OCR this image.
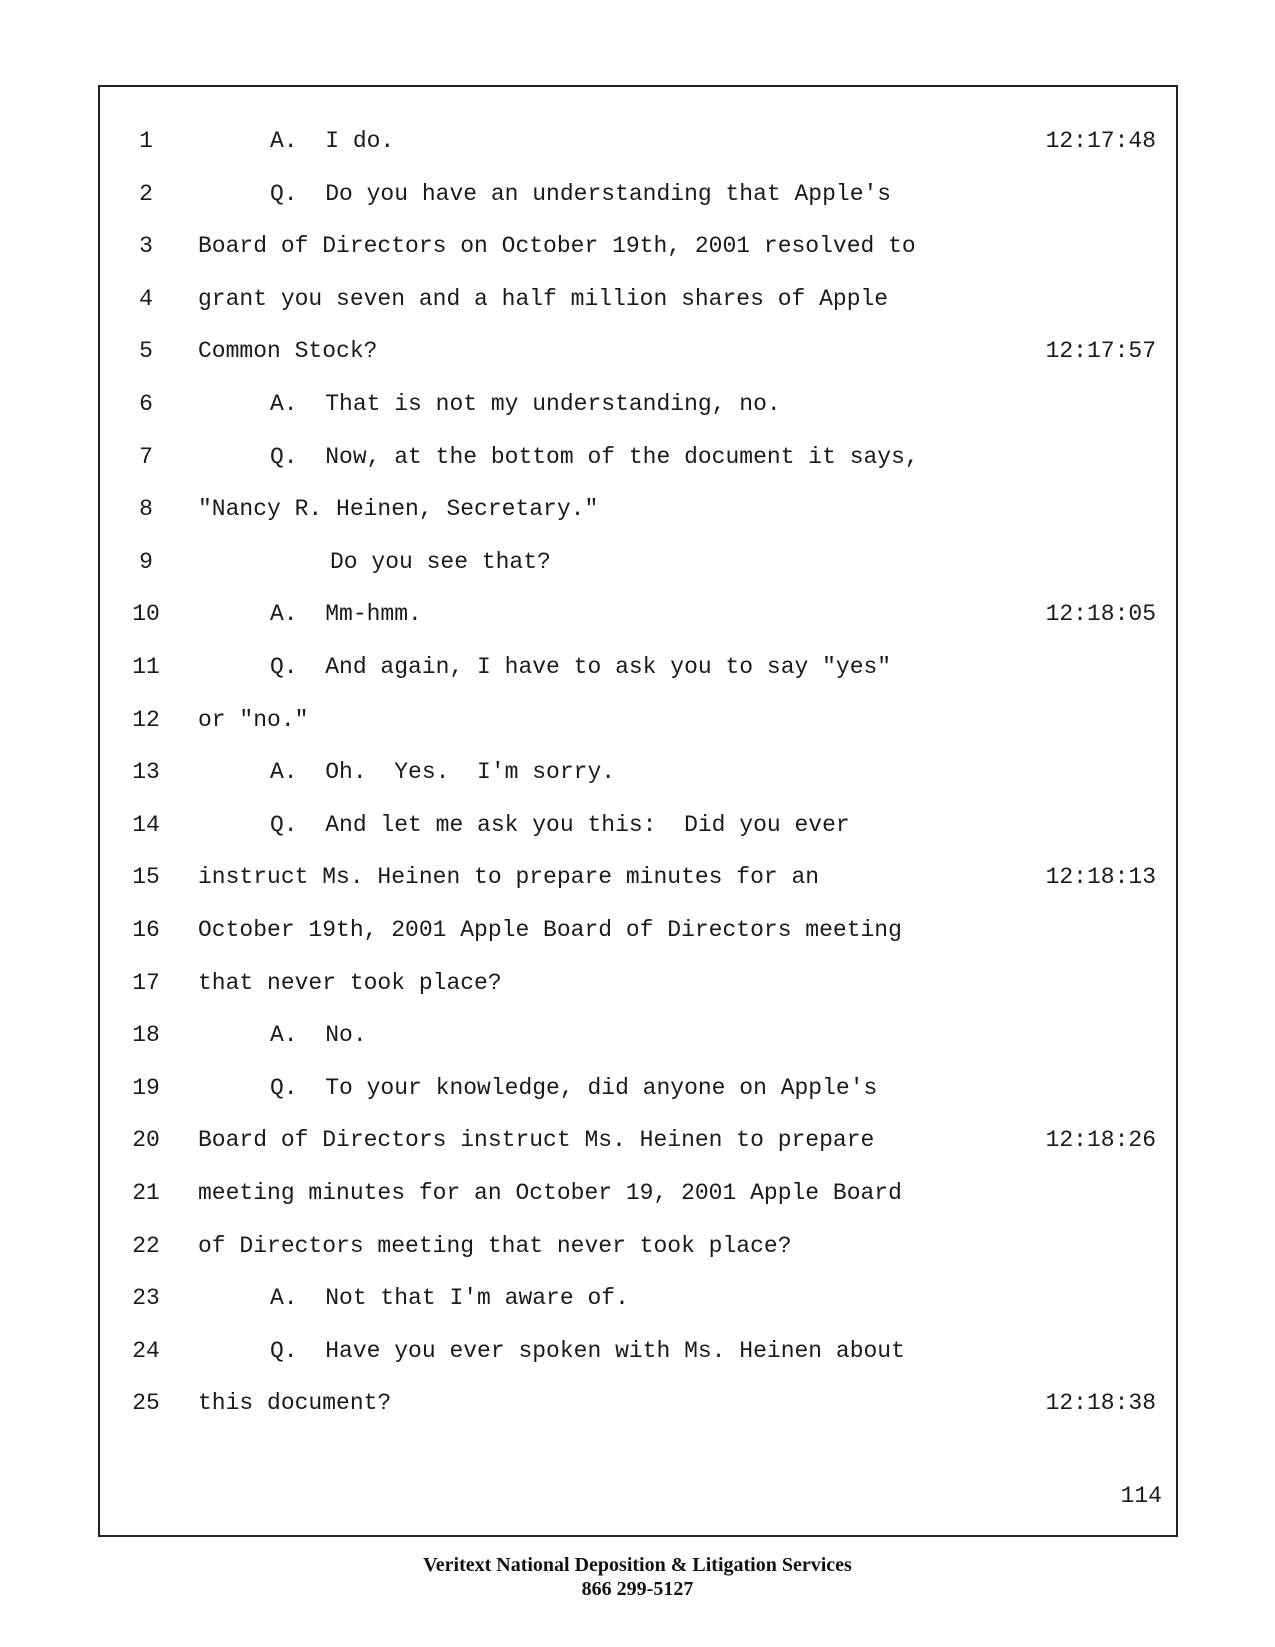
1	A. I do.	12:17:48
2	Q. Do you have an understanding that Apple's
3	Board of Directors on October 19th, 2001 resolved to
4	grant you seven and a half million shares of Apple
5	Common Stock?	12:17:57
6	A. That is not my understanding, no.
7	Q. Now, at the bottom of the document it says,
8	"Nancy R. Heinen, Secretary."
9	Do you see that?
10	A. Mm-hmm.	12:18:05
11	Q. And again, I have to ask you to say "yes"
12	or "no."
13	A. Oh.  Yes.  I'm sorry.
14	Q. And let me ask you this:  Did you ever
15	instruct Ms. Heinen to prepare minutes for an	12:18:13
16	October 19th, 2001 Apple Board of Directors meeting
17	that never took place?
18	A. No.
19	Q. To your knowledge, did anyone on Apple's
20	Board of Directors instruct Ms. Heinen to prepare	12:18:26
21	meeting minutes for an October 19, 2001 Apple Board
22	of Directors meeting that never took place?
23	A. Not that I'm aware of.
24	Q. Have you ever spoken with Ms. Heinen about
25	this document?	12:18:38
114
Veritext National Deposition & Litigation Services
866 299-5127
